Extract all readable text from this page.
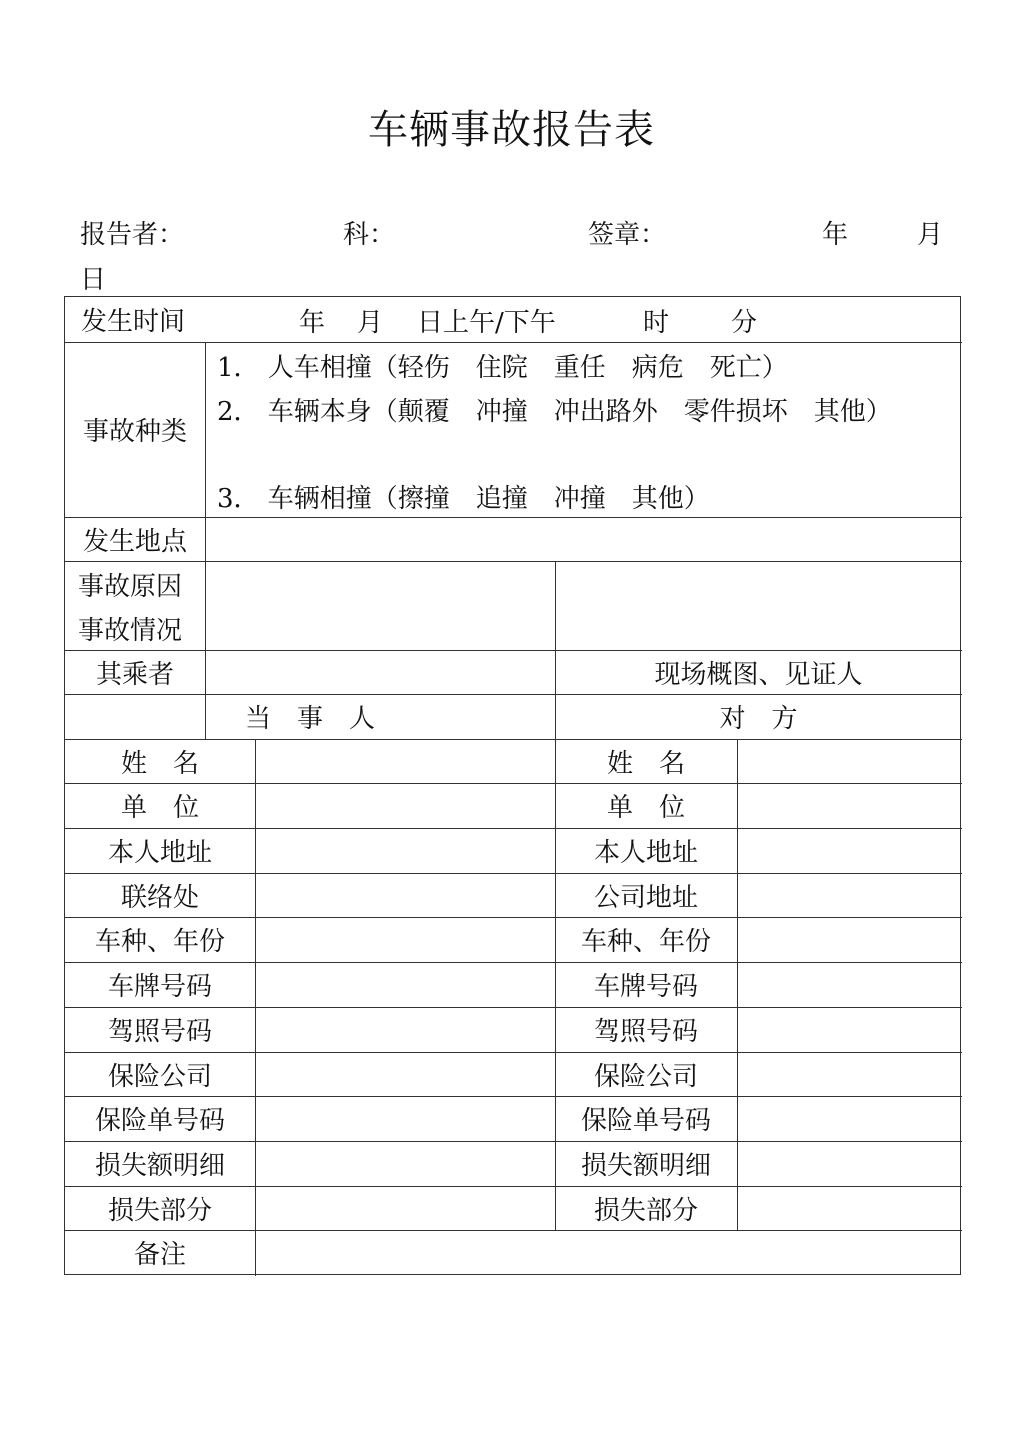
车辆事故报告表
报告者：	科：	签章：	年	月
日
发生时间	年 月 日上午/下午	时 分
事故种类
1． 人车相撞（轻伤　住院　重任　病危　死亡）
2． 车辆本身（颠覆　冲撞　冲出路外　零件损坏　其他）
3． 车辆相撞（擦撞　追撞　冲撞　其他）
发生地点
事故原因
事故情况
其乘者	现场概图、见证人
当　事　人	对　方
姓　名	姓　名
单　位	单　位
本人地址	本人地址
联络处	公司地址
车种、年份	车种、年份
车牌号码	车牌号码
驾照号码	驾照号码
保险公司	保险公司
保险单号码	保险单号码
损失额明细	损失额明细
损失部分	损失部分
备注
